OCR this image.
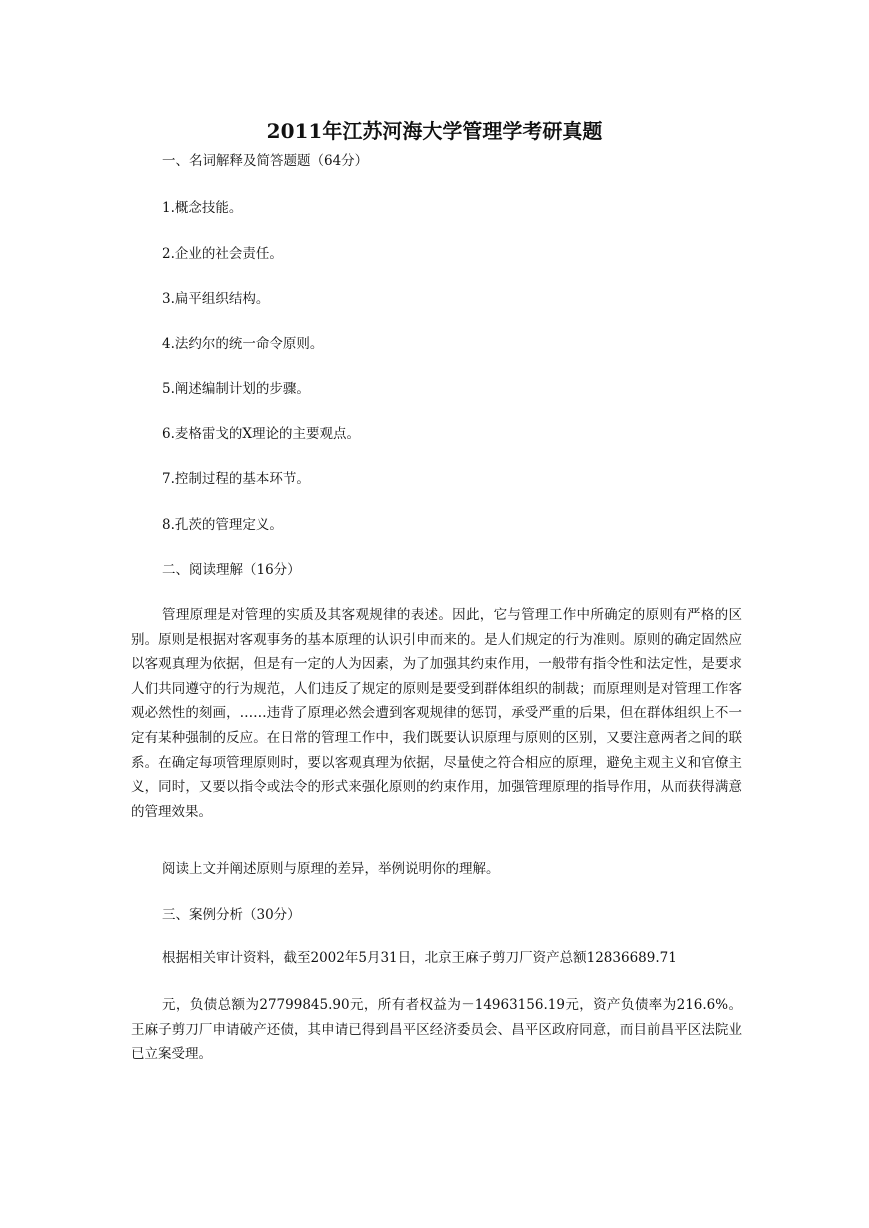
2011年江苏河海大学管理学考研真题
一、名词解释及简答题题（64分）
1.概念技能。
2.企业的社会责任。
3.扁平组织结构。
4.法约尔的统一命令原则。
5.阐述编制计划的步骤。
6.麦格雷戈的X理论的主要观点。
7.控制过程的基本环节。
8.孔茨的管理定义。
二、阅读理解（16分）
管理原理是对管理的实质及其客观规律的表述。因此，它与管理工作中所确定的原则有严格的区别。原则是根据对客观事务的基本原理的认识引申而来的。是人们规定的行为准则。原则的确定固然应以客观真理为依据，但是有一定的人为因素，为了加强其约束作用，一般带有指令性和法定性，是要求人们共同遵守的行为规范，人们违反了规定的原则是要受到群体组织的制裁；而原理则是对管理工作客观必然性的刻画，……违背了原理必然会遭到客观规律的惩罚，承受严重的后果，但在群体组织上不一定有某种强制的反应。在日常的管理工作中，我们既要认识原理与原则的区别，又要注意两者之间的联系。在确定每项管理原则时，要以客观真理为依据，尽量使之符合相应的原理，避免主观主义和官僚主义，同时，又要以指令或法令的形式来强化原则的约束作用，加强管理原理的指导作用，从而获得满意的管理效果。
阅读上文并阐述原则与原理的差异，举例说明你的理解。
三、案例分析（30分）
根据相关审计资料，截至2002年5月31日，北京王麻子剪刀厂资产总额12836689.71
元，负债总额为27799845.90元，所有者权益为－14963156.19元，资产负债率为216.6%。王麻子剪刀厂申请破产还债，其申请已得到昌平区经济委员会、昌平区政府同意，而目前昌平区法院业已立案受理。
